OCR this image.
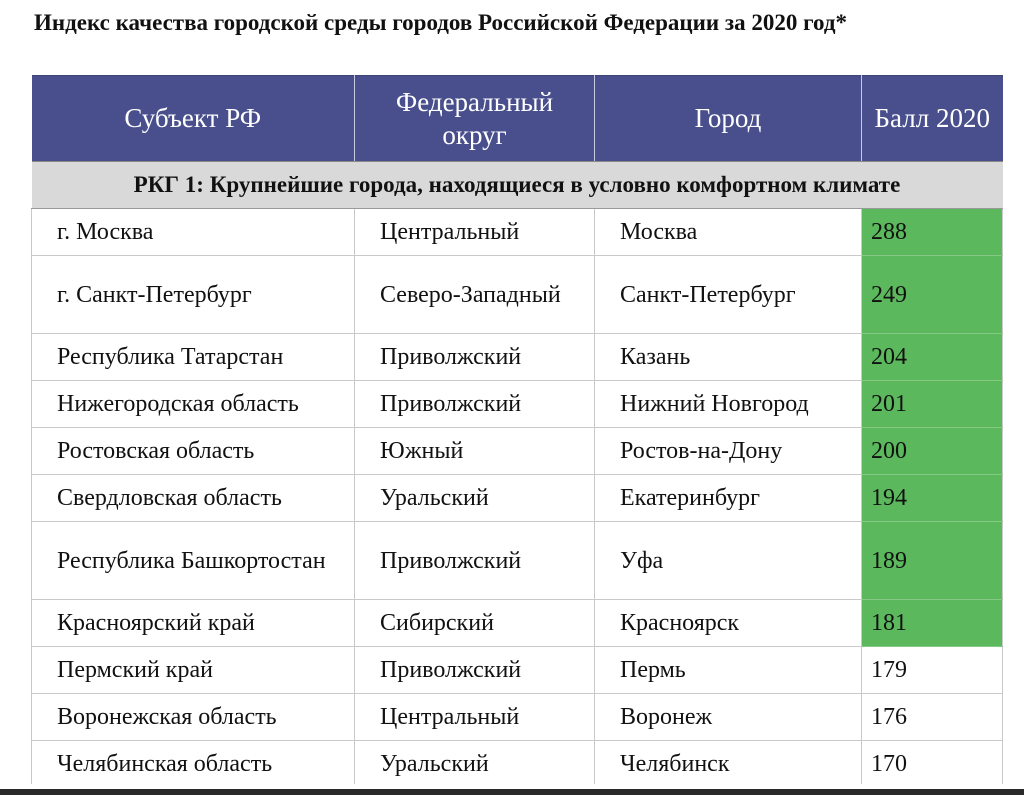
Индекс качества городской среды городов Российской Федерации за 2020 год*
Субъект РФ	Федеральный округ	Город	Балл 2020
РКГ 1: Крупнейшие города, находящиеся в условно комфортном климате			
г. Москва	Центральный	Москва	288
г. Санкт-Петербург	Северо-Западный	Санкт-Петербург	249
Республика Татарстан	Приволжский	Казань	204
Нижегородская область	Приволжский	Нижний Новгород	201
Ростовская область	Южный	Ростов-на-Дону	200
Свердловская область	Уральский	Екатеринбург	194
Республика Башкортостан	Приволжский	Уфа	189
Красноярский край	Сибирский	Красноярск	181
Пермский край	Приволжский	Пермь	179
Воронежская область	Центральный	Воронеж	176
Челябинская область	Уральский	Челябинск	170
